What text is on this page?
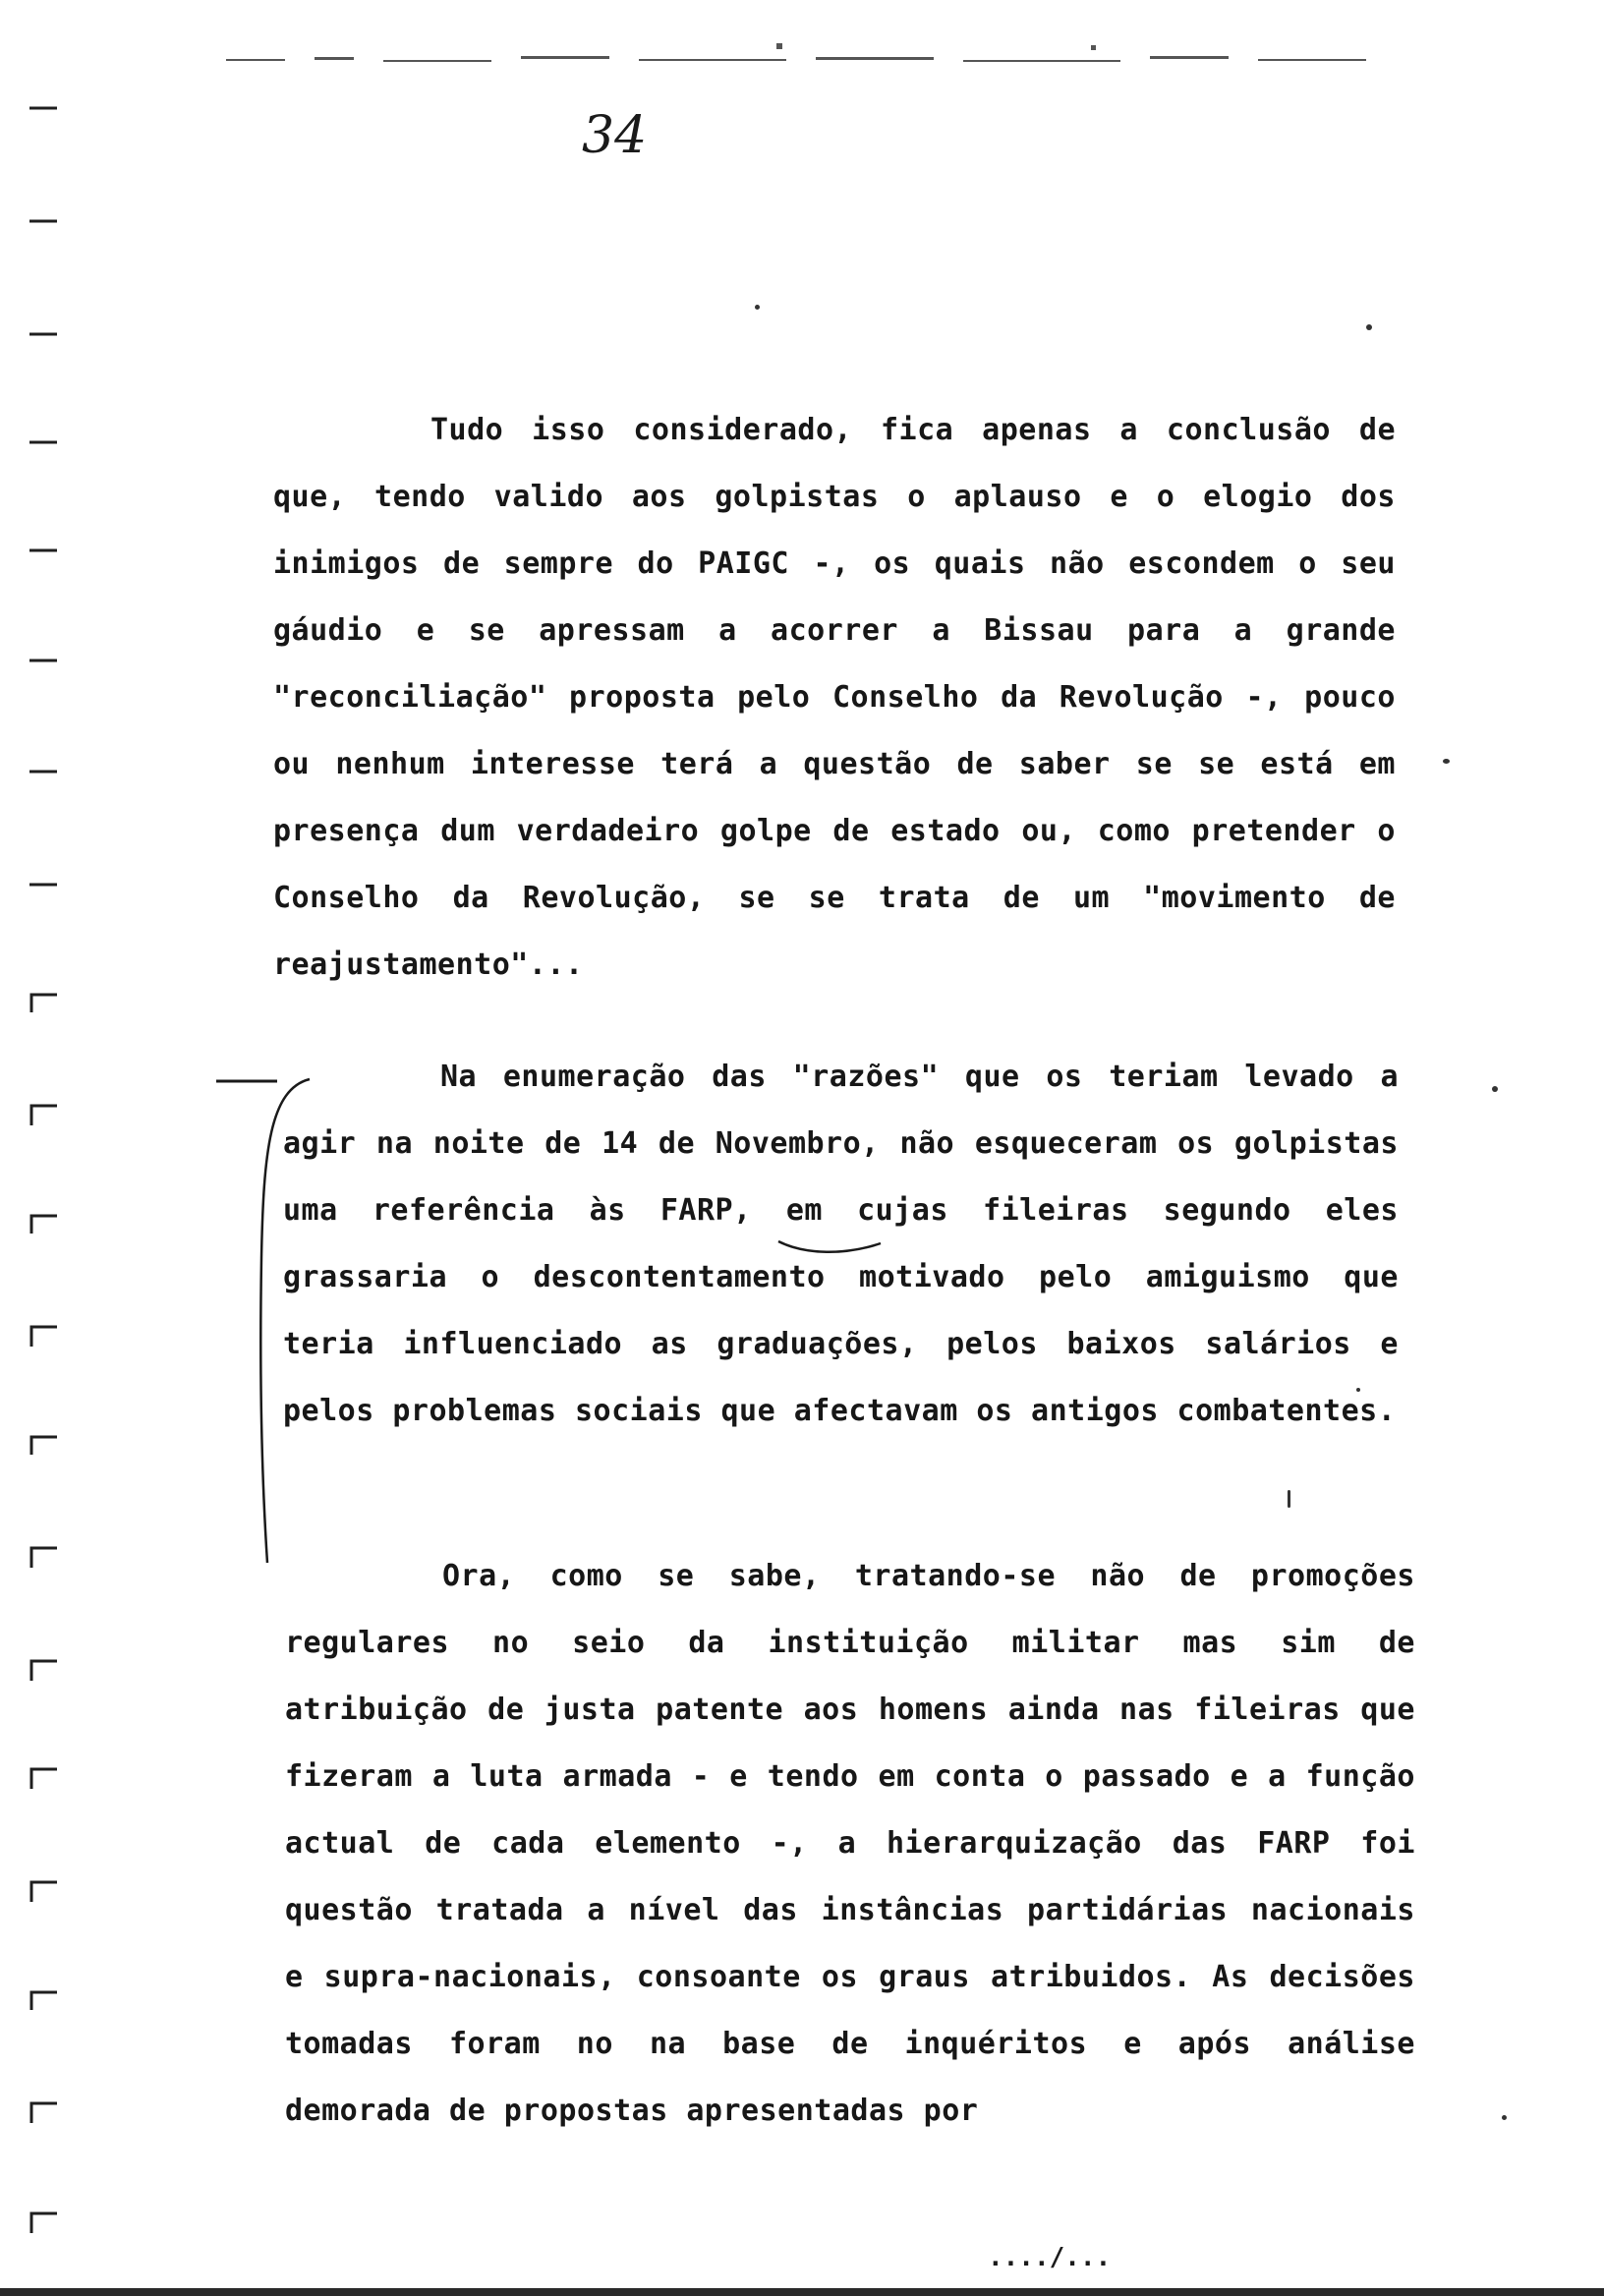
34

Tudo isso considerado, fica apenas a conclusão de que, tendo valido aos golpistas o aplauso e o elogio dos inimigos de sempre do PAIGC -, os quais não escondem o seu gáudio e se apressam a acorrer a Bissau para a grande "reconciliação" proposta pelo Conselho da Revolução -, pouco ou nenhum interesse terá a questão de saber se se está em presença dum verdadeiro golpe de estado ou, como pretender o Conselho da Revolução, se se trata de um "movimento de reajustamento"...

Na enumeração das "razões" que os teriam levado a agir na noite de 14 de Novembro, não esqueceram os golpistas uma referência às FARP, em cujas fileiras segundo eles grassaria o descontentamento motivado pelo amiguismo que teria influenciado as graduações, pelos baixos salários e pelos problemas sociais que afectavam os antigos combatentes.

Ora, como se sabe, tratando-se não de promoções regulares no seio da instituição militar mas sim de atribuição de justa patente aos homens ainda nas fileiras que fizeram a luta armada - e tendo em conta o passado e a função actual de cada elemento -, a hierarquização das FARP foi questão tratada a nível das instâncias partidárias nacionais e supra-nacionais, consoante os graus atribuidos. As decisões tomadas foram no na base de inquéritos e após análise demorada de propostas apresentadas por

..../...
